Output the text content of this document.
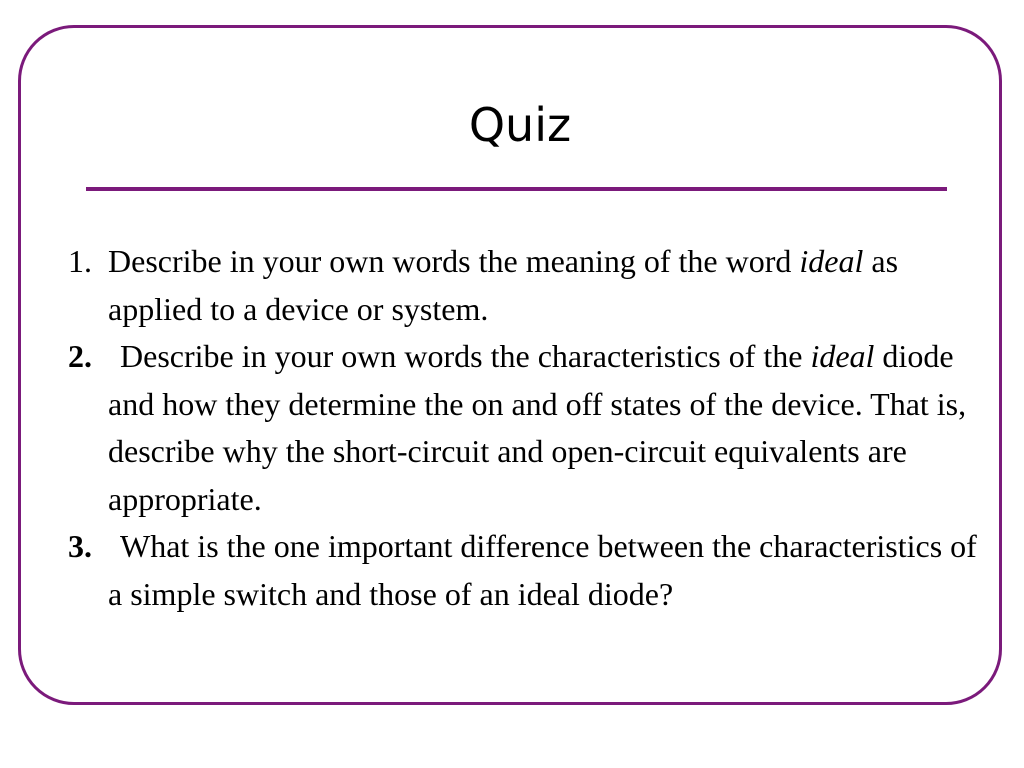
Quiz
1. Describe in your own words the meaning of the word ideal as applied to a device or system.
2. Describe in your own words the characteristics of the ideal diode and how they determine the on and off states of the device. That is, describe why the short-circuit and open-circuit equivalents are appropriate.
3. What is the one important difference between the characteristics of a simple switch and those of an ideal diode?
